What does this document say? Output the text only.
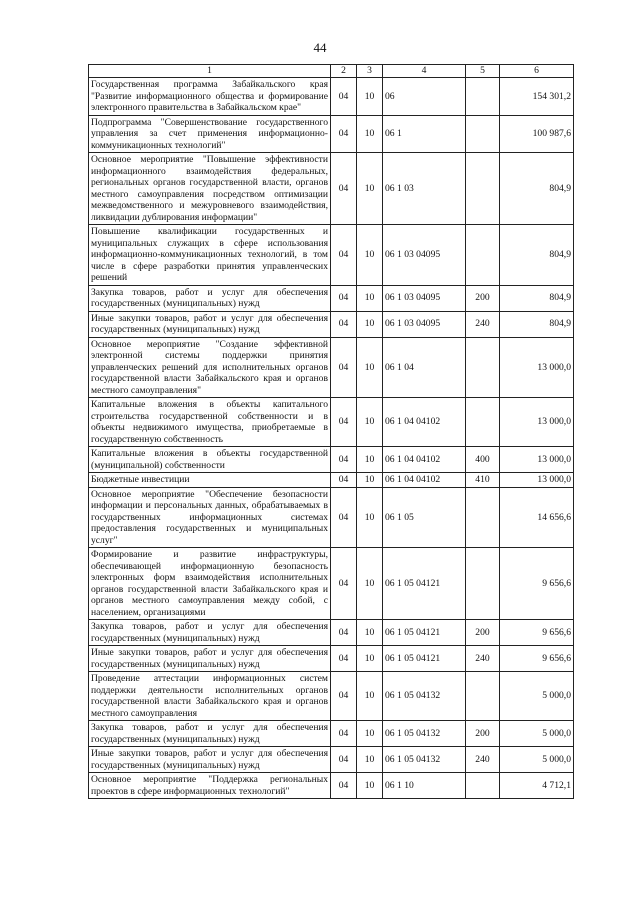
44
1	2	3	4	5	6
Государственная программа Забайкальского края "Развитие информационного общества и формирование электронного правительства в Забайкальском крае"	04	10	06		154 301,2
Подпрограмма "Совершенствование государственного управления за счет применения информационно-коммуникационных технологий"	04	10	06 1		100 987,6
Основное мероприятие "Повышение эффективности информационного взаимодействия федеральных, региональных органов государственной власти, органов местного самоуправления посредством оптимизации межведомственного и межуровневого взаимодействия, ликвидации дублирования информации"	04	10	06 1 03		804,9
Повышение квалификации государственных и муниципальных служащих в сфере использования информационно-коммуникационных технологий, в том числе в сфере разработки принятия управленческих решений	04	10	06 1 03 04095		804,9
Закупка товаров, работ и услуг для обеспечения государственных (муниципальных) нужд	04	10	06 1 03 04095	200	804,9
Иные закупки товаров, работ и услуг для обеспечения государственных (муниципальных) нужд	04	10	06 1 03 04095	240	804,9
Основное мероприятие "Создание эффективной электронной системы поддержки принятия управленческих решений для исполнительных органов государственной власти Забайкальского края и органов местного самоуправления"	04	10	06 1 04		13 000,0
Капитальные вложения в объекты капитального строительства государственной собственности и в объекты недвижимого имущества, приобретаемые в государственную собственность	04	10	06 1 04 04102		13 000,0
Капитальные вложения в объекты государственной (муниципальной) собственности	04	10	06 1 04 04102	400	13 000,0
Бюджетные инвестиции	04	10	06 1 04 04102	410	13 000,0
Основное мероприятие "Обеспечение безопасности информации и персональных данных, обрабатываемых в государственных информационных системах предоставления государственных и муниципальных услуг"	04	10	06 1 05		14 656,6
Формирование и развитие инфраструктуры, обеспечивающей информационную безопасность электронных форм взаимодействия исполнительных органов государственной власти Забайкальского края и органов местного самоуправления между собой, с населением, организациями	04	10	06 1 05 04121		9 656,6
Закупка товаров, работ и услуг для обеспечения государственных (муниципальных) нужд	04	10	06 1 05 04121	200	9 656,6
Иные закупки товаров, работ и услуг для обеспечения государственных (муниципальных) нужд	04	10	06 1 05 04121	240	9 656,6
Проведение аттестации информационных систем поддержки деятельности исполнительных органов государственной власти Забайкальского края и органов местного самоуправления	04	10	06 1 05 04132		5 000,0
Закупка товаров, работ и услуг для обеспечения государственных (муниципальных) нужд	04	10	06 1 05 04132	200	5 000,0
Иные закупки товаров, работ и услуг для обеспечения государственных (муниципальных) нужд	04	10	06 1 05 04132	240	5 000,0
Основное мероприятие "Поддержка региональных проектов в сфере информационных технологий"	04	10	06 1 10		4 712,1
